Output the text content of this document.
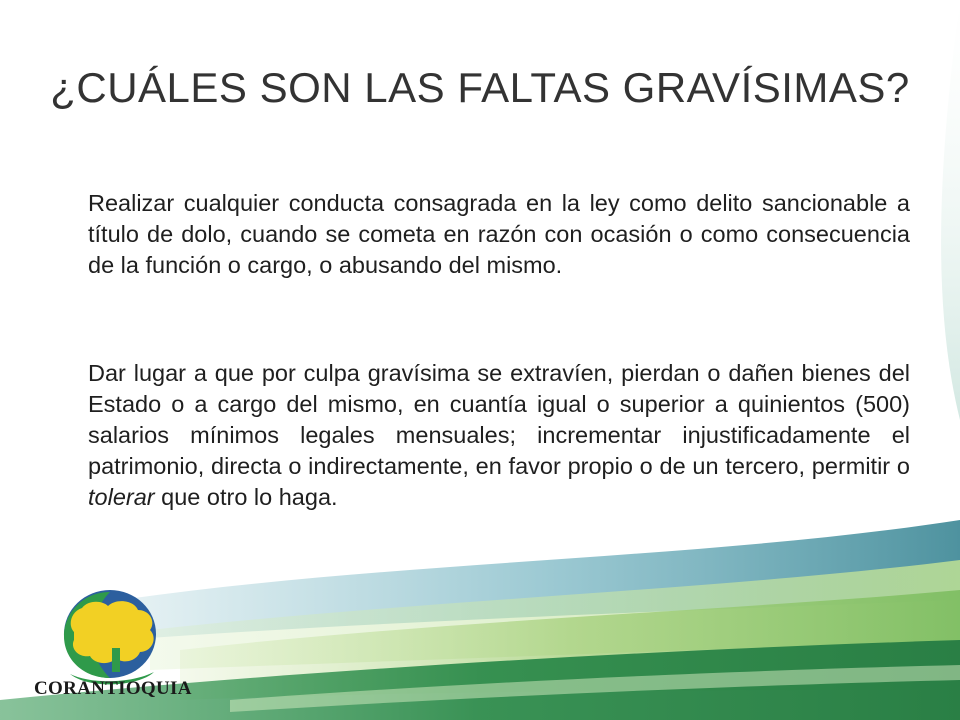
¿CUÁLES SON LAS FALTAS GRAVÍSIMAS?
Realizar cualquier conducta consagrada en la ley como delito sancionable a título de dolo, cuando se cometa en razón con ocasión o como consecuencia de la función o cargo, o abusando del mismo.
Dar lugar a que por culpa gravísima se extravíen, pierdan o dañen bienes del Estado o a cargo del mismo, en cuantía igual o superior a quinientos (500) salarios mínimos legales mensuales; incrementar injustificadamente el patrimonio, directa o indirectamente, en favor propio o de un tercero, permitir o tolerar que otro lo haga.
CORANTIOQUIA
